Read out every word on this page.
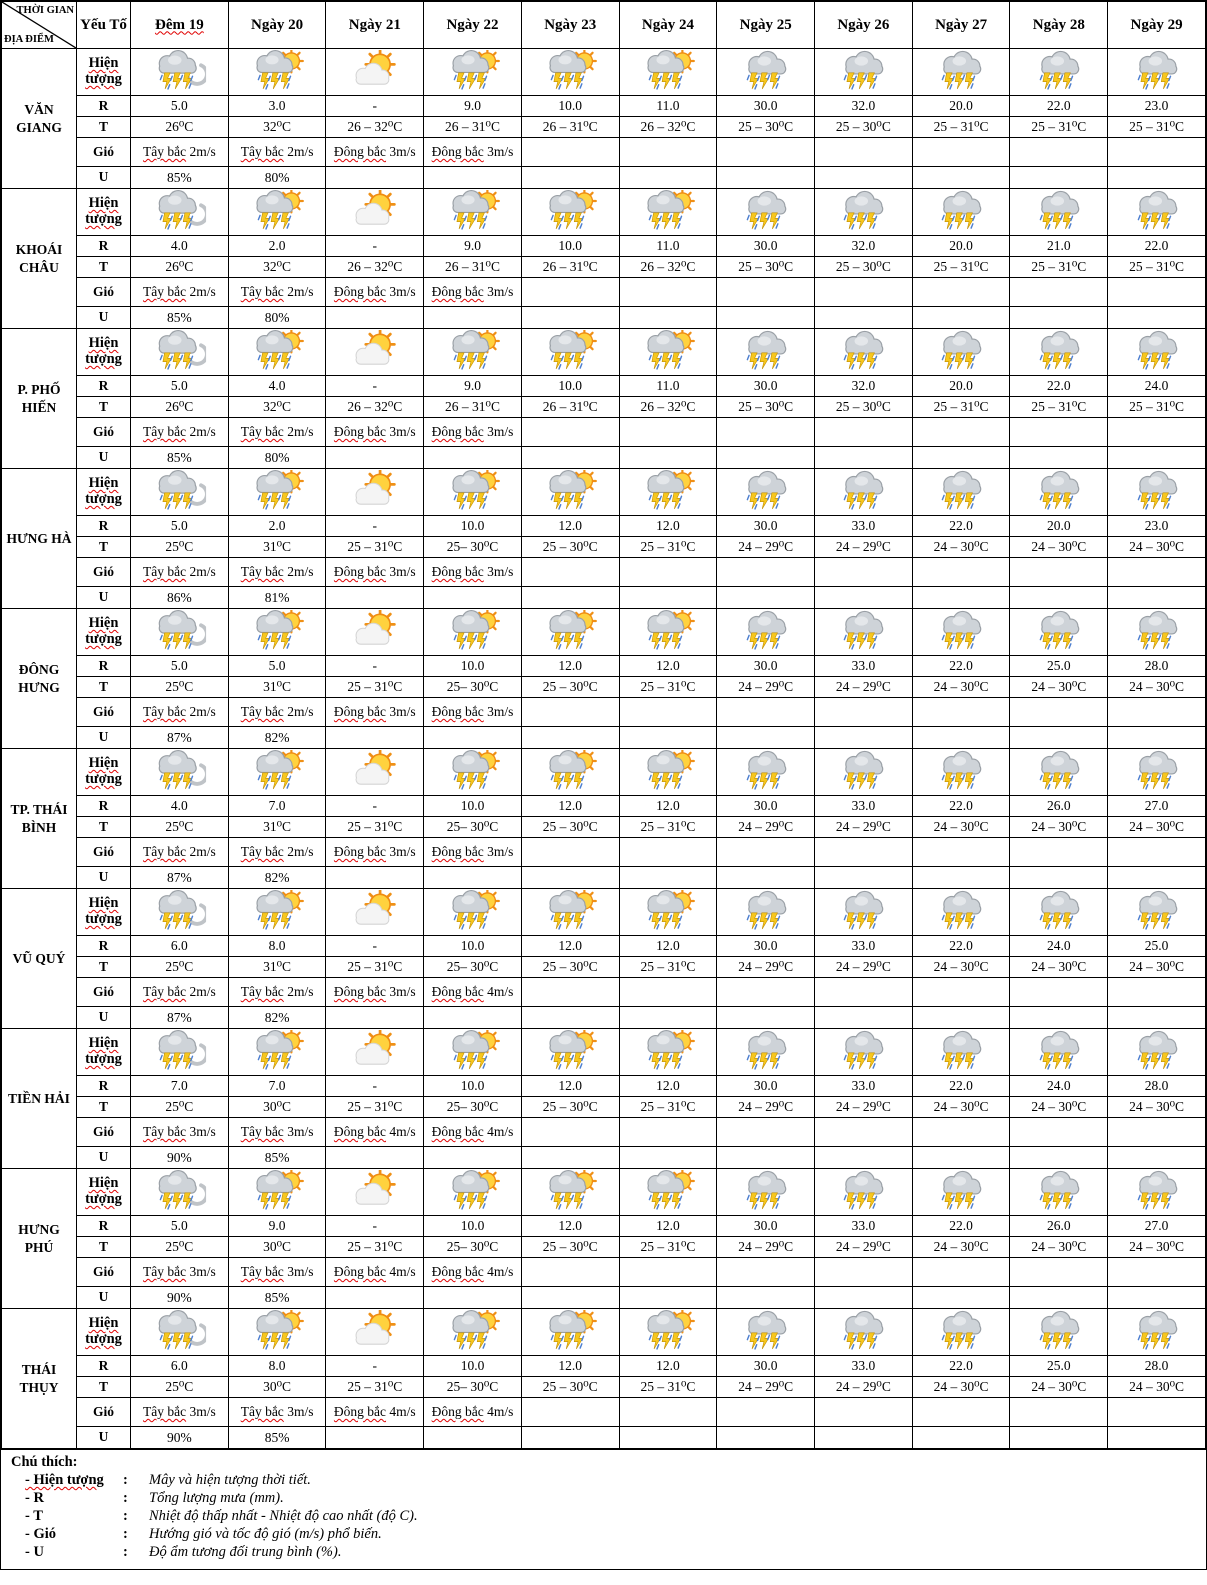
THỜI GIAN
ĐỊA ĐIỂM	Yếu Tố	Đêm 19	Ngày 20	Ngày 21	Ngày 22	Ngày 23	Ngày 24	Ngày 25	Ngày 26	Ngày 27	Ngày 28	Ngày 29
VĂN GIANG	Hiện tượng	

	R	5.0	3.0	-	9.0	10.0	11.0	30.0	32.0	20.0	22.0	23.0
	T	26⁰C	32⁰C	26 – 32⁰C	26 – 31⁰C	26 – 31⁰C	26 – 32⁰C	25 – 30⁰C	25 – 30⁰C	25 – 31⁰C	25 – 31⁰C	25 – 31⁰C
	Gió	Tây bắc 2m/s	Tây bắc 2m/s	Đông bắc 3m/s	Đông bắc 3m/s							
	U	85%	80%									
KHOÁI CHÂU	Hiện tượng	

	R	4.0	2.0	-	9.0	10.0	11.0	30.0	32.0	20.0	21.0	22.0
	T	26⁰C	32⁰C	26 – 32⁰C	26 – 31⁰C	26 – 31⁰C	26 – 32⁰C	25 – 30⁰C	25 – 30⁰C	25 – 31⁰C	25 – 31⁰C	25 – 31⁰C
	Gió	Tây bắc 2m/s	Tây bắc 2m/s	Đông bắc 3m/s	Đông bắc 3m/s							
	U	85%	80%									
P. PHỐ HIẾN	Hiện tượng	

	R	5.0	4.0	-	9.0	10.0	11.0	30.0	32.0	20.0	22.0	24.0
	T	26⁰C	32⁰C	26 – 32⁰C	26 – 31⁰C	26 – 31⁰C	26 – 32⁰C	25 – 30⁰C	25 – 30⁰C	25 – 31⁰C	25 – 31⁰C	25 – 31⁰C
	Gió	Tây bắc 2m/s	Tây bắc 2m/s	Đông bắc 3m/s	Đông bắc 3m/s							
	U	85%	80%									
HƯNG HÀ	Hiện tượng	

	R	5.0	2.0	-	10.0	12.0	12.0	30.0	33.0	22.0	20.0	23.0
	T	25⁰C	31⁰C	25 – 31⁰C	25– 30⁰C	25 – 30⁰C	25 – 31⁰C	24 – 29⁰C	24 – 29⁰C	24 – 30⁰C	24 – 30⁰C	24 – 30⁰C
	Gió	Tây bắc 2m/s	Tây bắc 2m/s	Đông bắc 3m/s	Đông bắc 3m/s							
	U	86%	81%									
ĐÔNG HƯNG	Hiện tượng	

	R	5.0	5.0	-	10.0	12.0	12.0	30.0	33.0	22.0	25.0	28.0
	T	25⁰C	31⁰C	25 – 31⁰C	25– 30⁰C	25 – 30⁰C	25 – 31⁰C	24 – 29⁰C	24 – 29⁰C	24 – 30⁰C	24 – 30⁰C	24 – 30⁰C
	Gió	Tây bắc 2m/s	Tây bắc 2m/s	Đông bắc 3m/s	Đông bắc 3m/s							
	U	87%	82%									
TP. THÁI BÌNH	Hiện tượng	

	R	4.0	7.0	-	10.0	12.0	12.0	30.0	33.0	22.0	26.0	27.0
	T	25⁰C	31⁰C	25 – 31⁰C	25– 30⁰C	25 – 30⁰C	25 – 31⁰C	24 – 29⁰C	24 – 29⁰C	24 – 30⁰C	24 – 30⁰C	24 – 30⁰C
	Gió	Tây bắc 2m/s	Tây bắc 2m/s	Đông bắc 3m/s	Đông bắc 3m/s							
	U	87%	82%									
VŨ QUÝ	Hiện tượng	

	R	6.0	8.0	-	10.0	12.0	12.0	30.0	33.0	22.0	24.0	25.0
	T	25⁰C	31⁰C	25 – 31⁰C	25– 30⁰C	25 – 30⁰C	25 – 31⁰C	24 – 29⁰C	24 – 29⁰C	24 – 30⁰C	24 – 30⁰C	24 – 30⁰C
	Gió	Tây bắc 2m/s	Tây bắc 2m/s	Đông bắc 3m/s	Đông bắc 4m/s							
	U	87%	82%									
TIỀN HẢI	Hiện tượng	

	R	7.0	7.0	-	10.0	12.0	12.0	30.0	33.0	22.0	24.0	28.0
	T	25⁰C	30⁰C	25 – 31⁰C	25– 30⁰C	25 – 30⁰C	25 – 31⁰C	24 – 29⁰C	24 – 29⁰C	24 – 30⁰C	24 – 30⁰C	24 – 30⁰C
	Gió	Tây bắc 3m/s	Tây bắc 3m/s	Đông bắc 4m/s	Đông bắc 4m/s							
	U	90%	85%									
HƯNG PHÚ	Hiện tượng	

	R	5.0	9.0	-	10.0	12.0	12.0	30.0	33.0	22.0	26.0	27.0
	T	25⁰C	30⁰C	25 – 31⁰C	25– 30⁰C	25 – 30⁰C	25 – 31⁰C	24 – 29⁰C	24 – 29⁰C	24 – 30⁰C	24 – 30⁰C	24 – 30⁰C
	Gió	Tây bắc 3m/s	Tây bắc 3m/s	Đông bắc 4m/s	Đông bắc 4m/s							
	U	90%	85%									
THÁI THỤY	Hiện tượng	

	R	6.0	8.0	-	10.0	12.0	12.0	30.0	33.0	22.0	25.0	28.0
	T	25⁰C	30⁰C	25 – 31⁰C	25– 30⁰C	25 – 30⁰C	25 – 31⁰C	24 – 29⁰C	24 – 29⁰C	24 – 30⁰C	24 – 30⁰C	24 – 30⁰C
	Gió	Tây bắc 3m/s	Tây bắc 3m/s	Đông bắc 4m/s	Đông bắc 4m/s							
	U	90%	85%									
Chú thích:
- Hiện tượng	:	Mây và hiện tượng thời tiết.
- R	:	Tổng lượng mưa (mm).
- T	:	Nhiệt độ thấp nhất - Nhiệt độ cao nhất (độ C).
- Gió	:	Hướng gió và tốc độ gió (m/s) phổ biến.
- U	:	Độ ẩm tương đối trung bình (%).
